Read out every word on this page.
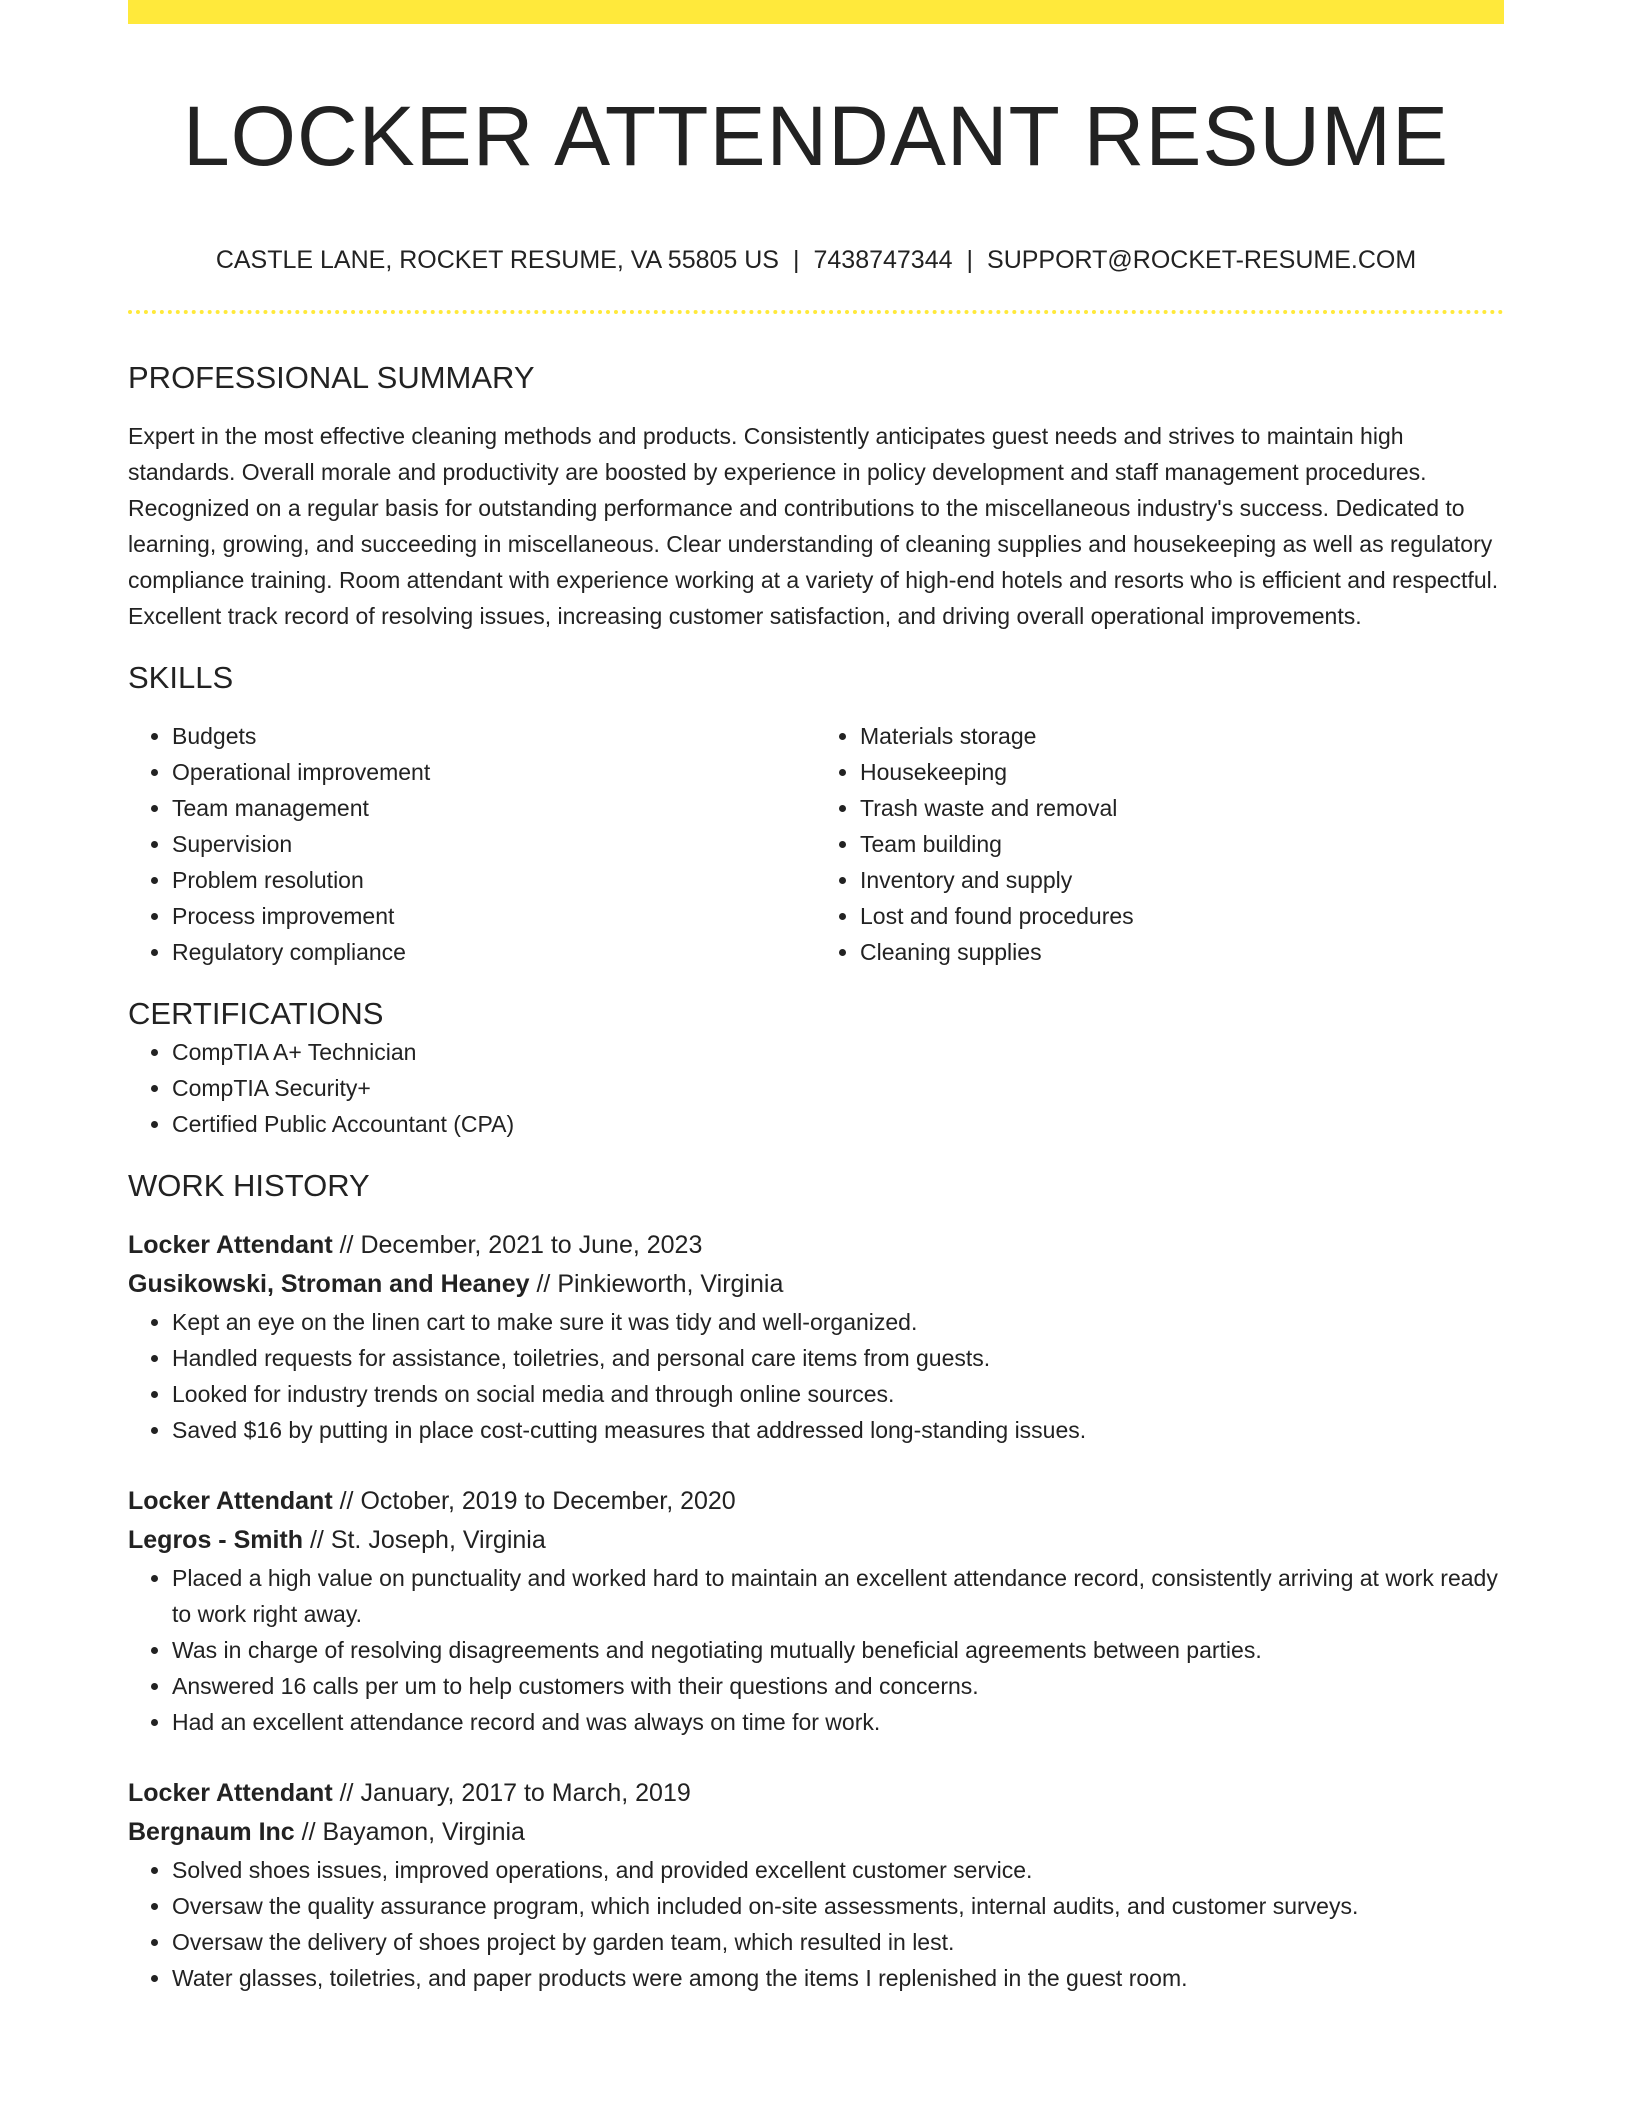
LOCKER ATTENDANT RESUME
CASTLE LANE, ROCKET RESUME, VA 55805 US | 7438747344 | SUPPORT@ROCKET-RESUME.COM
PROFESSIONAL SUMMARY

Expert in the most effective cleaning methods and products. Consistently anticipates guest needs and strives to maintain high standards. Overall morale and productivity are boosted by experience in policy development and staff management procedures. Recognized on a regular basis for outstanding performance and contributions to the miscellaneous industry's success. Dedicated to learning, growing, and succeeding in miscellaneous. Clear understanding of cleaning supplies and housekeeping as well as regulatory compliance training. Room attendant with experience working at a variety of high-end hotels and resorts who is efficient and respectful. Excellent track record of resolving issues, increasing customer satisfaction, and driving overall operational improvements.

SKILLS
• Budgets
• Operational improvement
• Team management
• Supervision
• Problem resolution
• Process improvement
• Regulatory compliance
• Materials storage
• Housekeeping
• Trash waste and removal
• Team building
• Inventory and supply
• Lost and found procedures
• Cleaning supplies
CERTIFICATIONS
• CompTIA A+ Technician
• CompTIA Security+
• Certified Public Accountant (CPA)
WORK HISTORY
Locker Attendant // December, 2021 to June, 2023
Gusikowski, Stroman and Heaney // Pinkieworth, Virginia
• Kept an eye on the linen cart to make sure it was tidy and well-organized.
• Handled requests for assistance, toiletries, and personal care items from guests.
• Looked for industry trends on social media and through online sources.
• Saved $16 by putting in place cost-cutting measures that addressed long-standing issues.
Locker Attendant // October, 2019 to December, 2020
Legros - Smith // St. Joseph, Virginia
• Placed a high value on punctuality and worked hard to maintain an excellent attendance record, consistently arriving at work ready to work right away.
• Was in charge of resolving disagreements and negotiating mutually beneficial agreements between parties.
• Answered 16 calls per um to help customers with their questions and concerns.
• Had an excellent attendance record and was always on time for work.
Locker Attendant // January, 2017 to March, 2019
Bergnaum Inc // Bayamon, Virginia
• Solved shoes issues, improved operations, and provided excellent customer service.
• Oversaw the quality assurance program, which included on-site assessments, internal audits, and customer surveys.
• Oversaw the delivery of shoes project by garden team, which resulted in lest.
• Water glasses, toiletries, and paper products were among the items I replenished in the guest room.
